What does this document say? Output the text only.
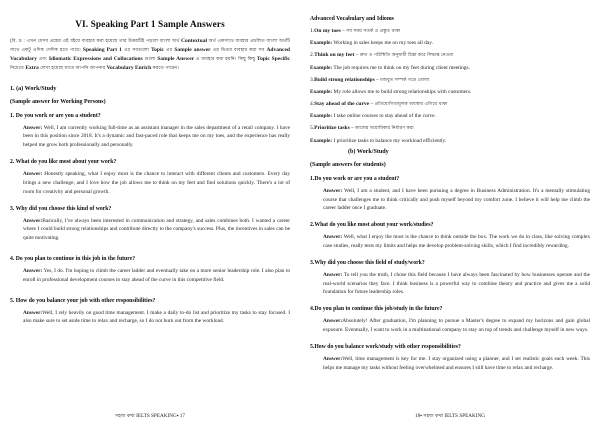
VI. Speaking Part 1 Sample Answers

(বি. দ্র : এখন যেসব প্রশ্নের এই বইয়ে ব্যবহার করা হয়েছে তার উত্তরটিই পড়লে বাংলা অর্থ Contextual অর্থ একসাথে ব্যবহার প্রচলিত বাংলা অর্থটি সাথে একটু এদিক সেদিক হতে পারে। Speaking Part 1 এর সবগুলো Topic এর Sample answer এর ভিতর ব্যবহার করা সব Advanced Vocabulary এবং Idiomatic Expressions and Collocations গুলো Sample Answer এ ব্যবহার করা হয়নি। কিছু কিছু Topic Specific নিচেতে Extra লেখা হয়েছে যাতে আপনি আপনার Vocabulary Enrich করতে পারেন।

1. (a) Work/Study
(Sample answer for Working Persons)
1. Do you work or are you a student?

Answer: Well, I am currently working full-time as an assistant manager in the sales department of a retail company. I have been in this position since 2018. It's a dynamic and fast-paced role that keeps me on my toes, and the experience has really helped me grow both professionally and personally.

2. What do you like most about your work?

Answer: Honestly speaking, what I enjoy most is the chance to interact with different clients and customers. Every day brings a new challenge, and I love how the job allows me to think on my feet and find solutions quickly. There's a lot of room for creativity and personal growth.

3. Why did you choose this kind of work?

Answer:Basically, I've always been interested in communication and strategy, and sales combines both. I wanted a career where I could build strong relationships and contribute directly to the company's success. Plus, the incentives in sales can be quite motivating.

4. Do you plan to continue in this job in the future?

Answer: Yes, I do. I'm hoping to climb the career ladder and eventually take on a more senior leadership role. I also plan to enroll in professional development courses to stay ahead of the curve in this competitive field.

5. How do you balance your job with other responsibilities?

Answer:Well, I rely heavily on good time management. I make a daily to-do list and prioritize my tasks to stay focused. I also make sure to set aside time to relax and recharge, so I do not burn out from the workload.

সহজ কথা IELTS SPEAKING▪ 17
Advanced Vocabulary and Idioms
1.On my toes – সব সময় সতর্ক ও প্রস্তুত থাকা
Example: Working in sales keeps me on my toes all day.
2.Think on my feet – দ্রুত ও পরিস্থিতি অনুযায়ী চিন্তা করে সিদ্ধান্ত নেওয়া
Example: The job requires me to think on my feet during client meetings.
3.Build strong relationships – মজবুত সম্পর্ক গড়ে তোলা
Example: My role allows me to build strong relationships with customers.
4.Stay ahead of the curve – প্রতিযোগিতামূলক অবস্থায় এগিয়ে থাকা
Example: I take online courses to stay ahead of the curve.
5.Prioritize tasks – কাজের অগ্রাধিকার নির্ধারণ করা
Example: I prioritize tasks to balance my workload efficiently.
(b) Work/Study
(Sample answers for students)
1.Do you work or are you a student?

Answer: Well, I am a student, and I have been pursuing a degree in Business Administration. It's a mentally stimulating course that challenges me to think critically and push myself beyond my comfort zone. I believe it will help me climb the career ladder once I graduate.

2.What do you like most about your work/studies?

Answer: Well, what I enjoy the most is the chance to think outside the box. The work we do in class, like solving complex case studies, really tests my limits and helps me develop problem-solving skills, which I find incredibly rewarding.

3.Why did you choose this field of study/work?

Answer: To tell you the truth, I chose this field because I have always been fascinated by how businesses operate and the real-world scenarios they face. I think business is a powerful way to combine theory and practice and gives me a solid foundation for future leadership roles.

4.Do you plan to continue this job/study in the future?

Answer:Absolutely! After graduation, I'm planning to pursue a Master's degree to expand my horizons and gain global exposure. Eventually, I want to work in a multinational company to stay on top of trends and challenge myself in new ways.

5.How do you balance work/study with other responsibilities?

Answer:Well, time management is key for me. I stay organized using a planner, and I set realistic goals each week. This helps me manage my tasks without feeling overwhelmed and ensures I still have time to relax and recharge.

18▪ সহজ কথা IELTS SPEAKING
